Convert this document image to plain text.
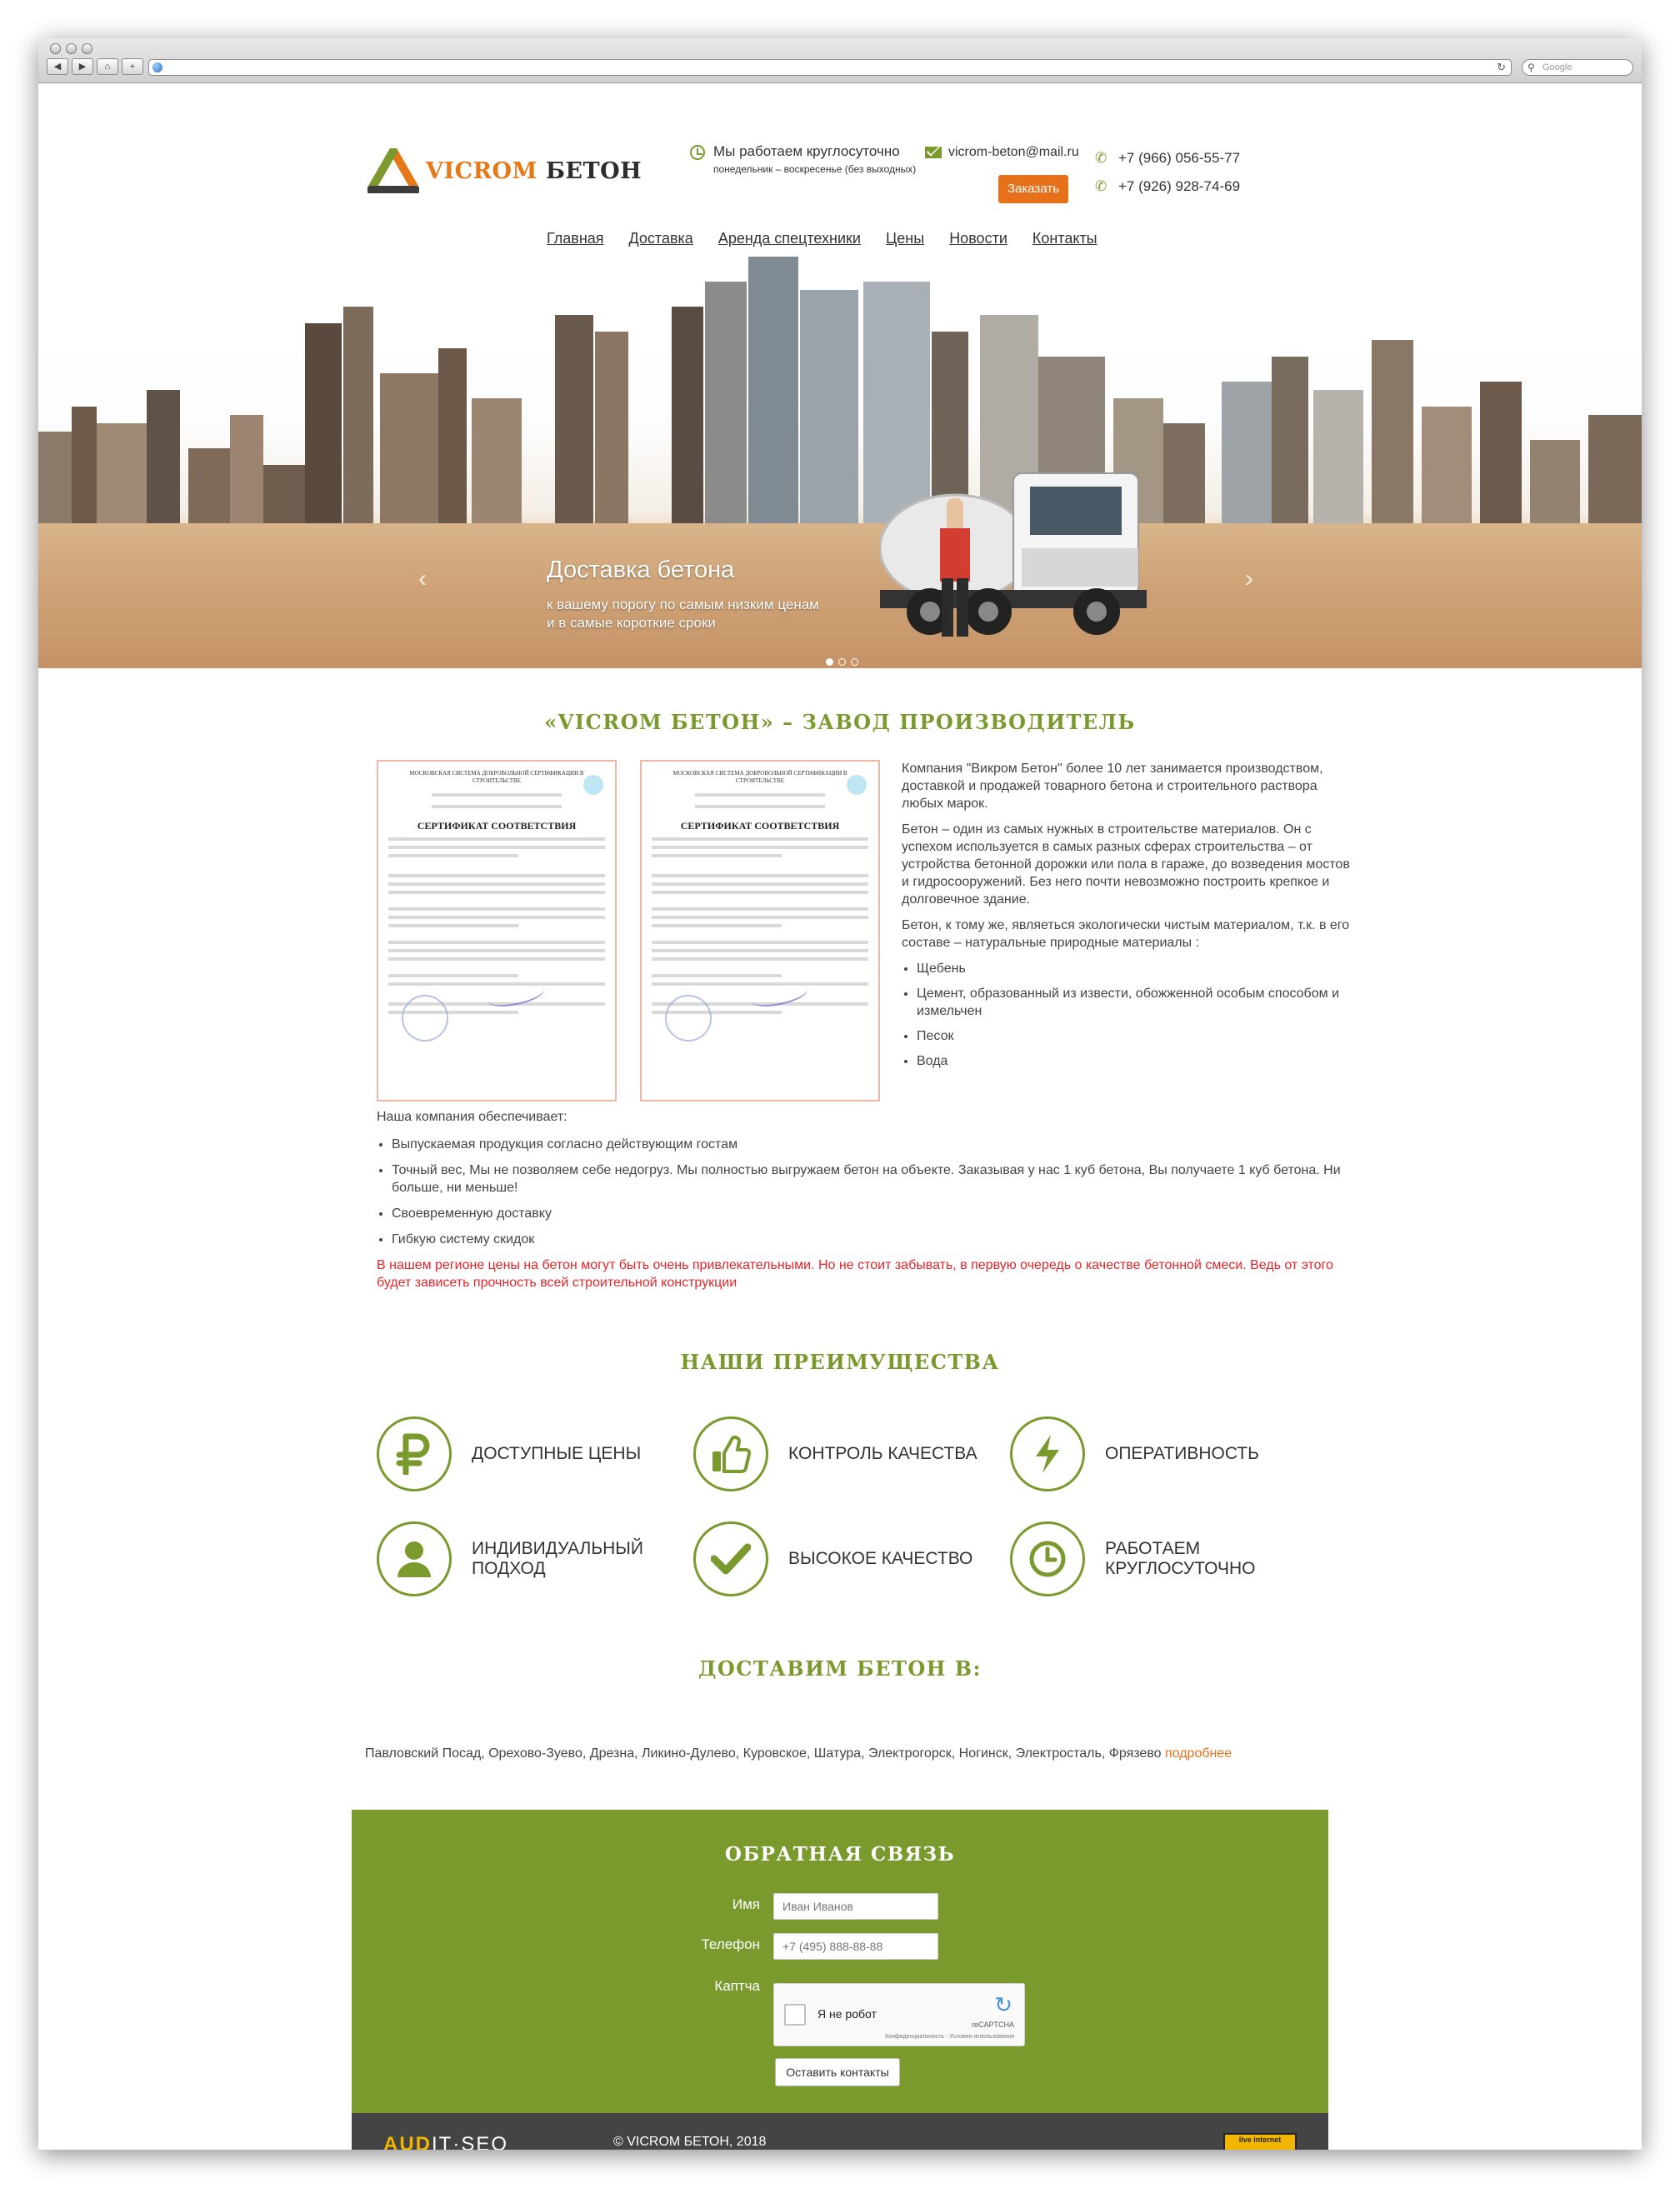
◀	▶	⌂	+	↻ ⚲ Google
VICROM БЕТОН
Мы работаем круглосуточно
понедельник – воскресенье (без выходных)
vicrom-beton@mail.ru
Заказать
✆ +7 (966) 056-55-77
✆ +7 (926) 928-74-69
Главная Доставка Аренда спецтехники Цены Новости Контакты
‹	›
Доставка бетона
к вашему порогу по самым низким ценам и в самые короткие сроки
«VICROM БЕТОН» – ЗАВОД ПРОИЗВОДИТЕЛЬ
МОСКОВСКАЯ СИСТЕМА ДОБРОВОЛЬНОЙ СЕРТИФИКАЦИИ В СТРОИТЕЛЬСТВЕ
СЕРТИФИКАТ СООТВЕТСТВИЯ
МОСКОВСКАЯ СИСТЕМА ДОБРОВОЛЬНОЙ СЕРТИФИКАЦИИ В СТРОИТЕЛЬСТВЕ
СЕРТИФИКАТ СООТВЕТСТВИЯ

Компания "Викром Бетон" более 10 лет занимается производством, доставкой и продажей товарного бетона и строительного раствора любых марок.

Бетон – один из самых нужных в строительстве материалов. Он с успехом используется в самых разных сферах строительства – от устройства бетонной дорожки или пола в гараже, до возведения мостов и гидросооружений. Без него почти невозможно построить крепкое и долговечное здание.

Бетон, к тому же, являеться экологически чистым материалом, т.к. в его составе – натуральные природные материалы :

• Щебень
• Цемент, образованный из извести, обожженной особым способом и измельчен
• Песок
• Вода
Наша компания обеспечивает:
• Выпускаемая продукция согласно действующим гостам
• Точный вес, Мы не позволяем себе недогруз. Мы полностью выгружаем бетон на объекте. Заказывая у нас 1 куб бетона, Вы получаете 1 куб бетона. Ни больше, ни меньше!
• Своевременную доставку
• Гибкую систему скидок
В нашем регионе цены на бетон могут быть очень привлекательными. Но не стоит забывать, в первую очередь о качестве бетонной смеси. Ведь от этого будет зависеть прочность всей строительной конструкции
НАШИ ПРЕИМУЩЕСТВА
ДОСТУПНЫЕ ЦЕНЫ	КОНТРОЛЬ КАЧЕСТВА	ОПЕРАТИВНОСТЬ
ИНДИВИДУАЛЬНЫЙ ПОДХОД
ВЫСОКОЕ КАЧЕСТВО
РАБОТАЕМ КРУГЛОСУТОЧНО
ДОСТАВИМ БЕТОН В:
Павловский Посад, Орехово-Зуево, Дрезна, Ликино-Дулево, Куровское, Шатура, Электрогорск, Ногинск, Электросталь, Фрязево подробнее
ОБРАТНАЯ СВЯЗЬ
Имя
Иван Иванов
Телефон
+7 (495) 888-88-88
Каптча
Я не робот	↻
reCAPTCHA
Конфиденциальность - Условия использования
Оставить контакты
AUDIT·SEO	© VICROM БЕТОН, 2018	live internet
